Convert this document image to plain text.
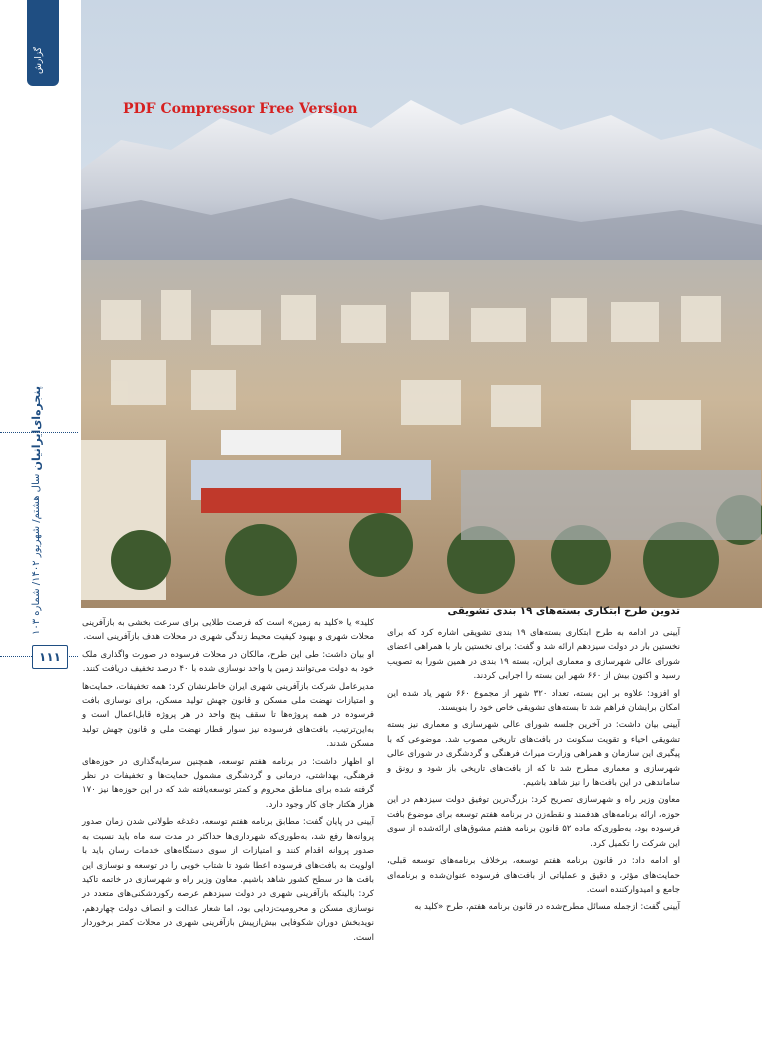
گزارش
پنجره‌ای‌ایرانیان سال هشتم/ شهریور ۱۴۰۲/ شماره ۱۰۳
۱۱۱
PDF Compressor Free Version
تدوین طرح ابتکاری بسته‌های ۱۹ بندی تشویقی

آیینی در ادامه به طرح ابتکاری بسته‌های ۱۹ بندی تشویقی اشاره کرد که برای نخستین بار در دولت سیزدهم ارائه شد و گفت: برای نخستین بار با همراهی اعضای شورای عالی شهرسازی و معماری ایران، بسته ۱۹ بندی در همین شورا به تصویب رسید و اکنون بیش از ۶۶۰ شهر این بسته را اجرایی کردند.

او افزود: علاوه بر این بسته، تعداد ۳۲۰ شهر از مجموع ۶۶۰ شهر یاد شده این امکان برایشان فراهم شد تا بسته‌های تشویقی خاص خود را بنویسند.

آیینی بیان داشت: در آخرین جلسه شورای عالی شهرسازی و معماری نیز بسته تشویقی احیاء و تقویت سکونت در بافت‌های تاریخی مصوب شد. موضوعی که با پیگیری این سازمان و همراهی وزارت میراث فرهنگی و گردشگری در شورای عالی شهرسازی و معماری مطرح شد تا که از بافت‌های تاریخی باز شود و رونق و ساماندهی در این بافت‌ها را نیز شاهد باشیم.

معاون وزیر راه و شهرسازی تصریح کرد: بزرگ‌ترین توفیق دولت سیزدهم در این حوزه، ارائه برنامه‌های هدفمند و نقطه‌زن در برنامه هفتم توسعه برای موضوع بافت فرسوده بود، به‌طوری‌که ماده ۵۲ قانون برنامه هفتم مشوق‌های ارائه‌شده از سوی این شرکت را تکمیل کرد.

او ادامه داد: در قانون برنامه هفتم توسعه، برخلاف برنامه‌های توسعه قبلی، حمایت‌های مؤثر، و دقیق و عملیاتی از بافت‌های فرسوده عنوان‌شده و برنامه‌ای جامع و امیدوارکننده است.

آیینی گفت: ازجمله مسائل مطرح‌شده در قانون برنامه هفتم، طرح «کلید به

کلید» یا «کلید به زمین» است که فرصت طلایی برای سرعت بخشی به بازآفرینی محلات شهری و بهبود کیفیت محیط زندگی شهری در محلات هدف بازآفرینی است.

او بیان داشت: طی این طرح، مالکان در محلات فرسوده در صورت واگذاری ملک خود به دولت می‌توانند زمین یا واحد نوسازی شده با ۴۰ درصد تخفیف دریافت کنند.

مدیرعامل شرکت بازآفرینی شهری ایران خاطرنشان کرد: همه تخفیفات، حمایت‌ها و امتیازات نهضت ملی مسکن و قانون جهش تولید مسکن، برای نوسازی بافت فرسوده در همه پروژه‌ها تا سقف پنج واحد در هر پروژه قابل‌اعمال است و به‌این‌ترتیب، بافت‌های فرسوده نیز سوار قطار نهضت ملی و قانون جهش تولید مسکن شدند.

او اظهار داشت: در برنامه هفتم توسعه، همچنین سرمایه‌گذاری در حوزه‌های فرهنگی، بهداشتی، درمانی و گردشگری مشمول حمایت‌ها و تخفیفات در نظر گرفته شده برای مناطق محروم و کمتر توسعه‌یافته شد که در این حوزه‌ها نیز ۱۷۰ هزار هکتار جای کار وجود دارد.

آیینی در پایان گفت: مطابق برنامه هفتم توسعه، دغدغه طولانی شدن زمان صدور پروانه‌ها رفع شد، به‌طوری‌که شهرداری‌ها حداکثر در مدت سه ماه باید نسبت به صدور پروانه اقدام کنند و امتیازات از سوی دستگاه‌های خدمات رسان باید با اولویت به بافت‌های فرسوده اعطا شود تا شتاب خوبی را در توسعه و نوسازی این بافت ها در سطح کشور شاهد باشیم. معاون وزیر راه و شهرسازی در خاتمه تاکید کرد: بالینکه بازآفرینی شهری در دولت سیزدهم عرصه رکوردشکنی‌های متعدد در نوسازی مسکن و محرومیت‌زدایی بود، اما شعار عدالت و انصاف دولت چهاردهم، نویدبخش دوران شکوفایی بیش‌ازپیش بازآفرینی شهری در محلات کمتر برخوردار است.
